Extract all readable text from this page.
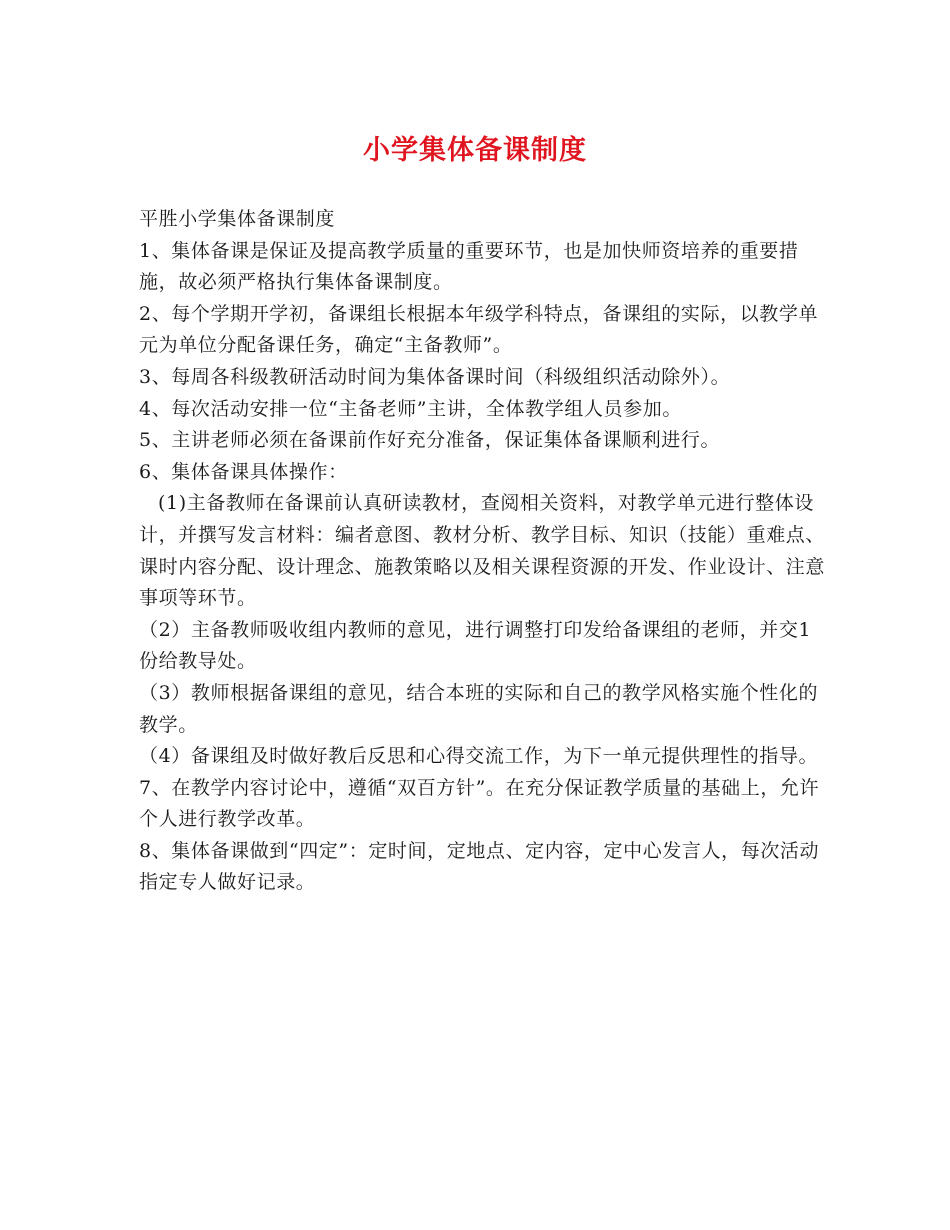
小学集体备课制度

平胜小学集体备课制度

1、集体备课是保证及提高教学质量的重要环节，也是加快师资培养的重要措施，故必须严格执行集体备课制度。

2、每个学期开学初，备课组长根据本年级学科特点，备课组的实际，以教学单元为单位分配备课任务，确定“主备教师”。

3、每周各科级教研活动时间为集体备课时间（科级组织活动除外）。

4、每次活动安排一位“主备老师”主讲，全体教学组人员参加。

5、主讲老师必须在备课前作好充分准备，保证集体备课顺利进行。

6、集体备课具体操作：

(1)主备教师在备课前认真研读教材，查阅相关资料，对教学单元进行整体设计，并撰写发言材料：编者意图、教材分析、教学目标、知识（技能）重难点、课时内容分配、设计理念、施教策略以及相关课程资源的开发、作业设计、注意事项等环节。

（2）主备教师吸收组内教师的意见，进行调整打印发给备课组的老师，并交1份给教导处。

（3）教师根据备课组的意见，结合本班的实际和自己的教学风格实施个性化的教学。

（4）备课组及时做好教后反思和心得交流工作，为下一单元提供理性的指导。

7、在教学内容讨论中，遵循“双百方针”。在充分保证教学质量的基础上，允许个人进行教学改革。

8、集体备课做到“四定”：定时间，定地点、定内容，定中心发言人，每次活动指定专人做好记录。
